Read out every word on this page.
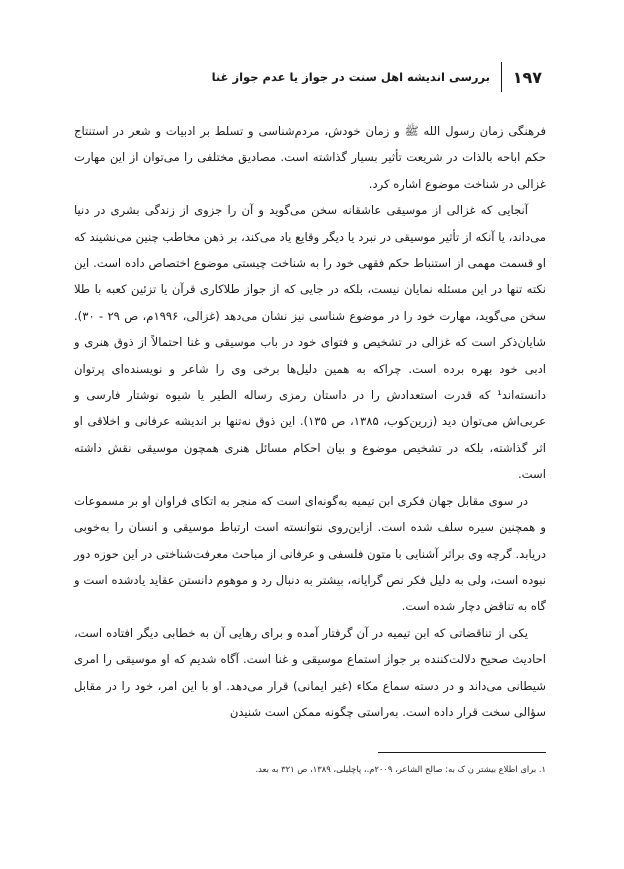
۱۹۷
بررسی اندیشه اهل سنت در جواز یا عدم جواز غنا

فرهنگی زمان رسول الله ﷺ و زمان خودش، مردم‌شناسی و تسلط بر ادبیات و شعر در استنتاج حکم اباحه بالذات در شریعت تأثیر بسیار گذاشته است. مصادیق مختلفی را می‌توان از این مهارت غزالی در شناخت موضوع اشاره کرد.

آنجایی که غزالی از موسیقی عاشقانه سخن می‌گوید و آن را جزوی از زندگی بشری در دنیا می‌داند، یا آنکه از تأثیر موسیقی در نبرد یا دیگر وقایع یاد می‌کند، بر ذهن مخاطب چنین می‌نشیند که او قسمت مهمی از استنباط حکم فقهی خود را به شناخت چیستی موضوع اختصاص داده است. این نکته تنها در این مسئله نمایان نیست، بلکه در جایی که از جواز طلاکاری قرآن یا تزئین کعبه با طلا سخن می‌گوید، مهارت خود را در موضوع شناسی نیز نشان می‌دهد (غزالی، ۱۹۹۶م، ص ۲۹ - ۳۰). شایان‌ذکر است که غزالی در تشخیص و فتوای خود در باب موسیقی و غنا احتمالاً از ذوق هنری و ادبی خود بهره برده است. چراکه به همین دلیل‌ها برخی وی را شاعر و نویسنده‌ای پرتوان دانسته‌اند¹ که قدرت استعدادش را در داستان رمزی رساله الطیر یا شیوه نوشتار فارسی و عربی‌اش می‌توان دید (زرین‌کوب، ۱۳۸۵، ص ۱۳۵). این ذوق نه‌تنها بر اندیشه عرفانی و اخلاقی او اثر گذاشته، بلکه در تشخیص موضوع و بیان احکام مسائل هنری همچون موسیقی نقش داشته است.

در سوی مقابل جهان فکری ابن تیمیه به‌گونه‌ای است که منجر به اتکای فراوان او بر مسموعات و همچنین سیره سلف شده است. ازاین‌روی نتوانسته است ارتباط موسیقی و انسان را به‌خوبی دریابد. گرچه وی براثر آشنایی با متون فلسفی و عرفانی از مباحث معرفت‌شناختی در این حوزه دور نبوده است، ولی به دلیل فکر نص گرایانه، بیشتر به دنبال رد و موهوم دانستن عقاید یادشده است و گاه به تناقض دچار شده است.

یکی از تناقضاتی که ابن تیمیه در آن گرفتار آمده و برای رهایی آن به خطابی دیگر افتاده است، احادیث صحیح دلالت‌کننده بر جواز استماع موسیقی و غنا است. آگاه شدیم که او موسیقی را امری شیطانی می‌داند و در دسته سماع مکاء (غیر ایمانی) قرار می‌دهد. او با این امر، خود را در مقابل سؤالی سخت قرار داده است. به‌راستی چگونه ممکن است شنیدن

۱. برای اطلاع بیشتر ن ک به: صالح الشاعر، ۲۰۰۹م.، پاچلیلی، ۱۳۸۹، ص ۳۲۱ به بعد.
